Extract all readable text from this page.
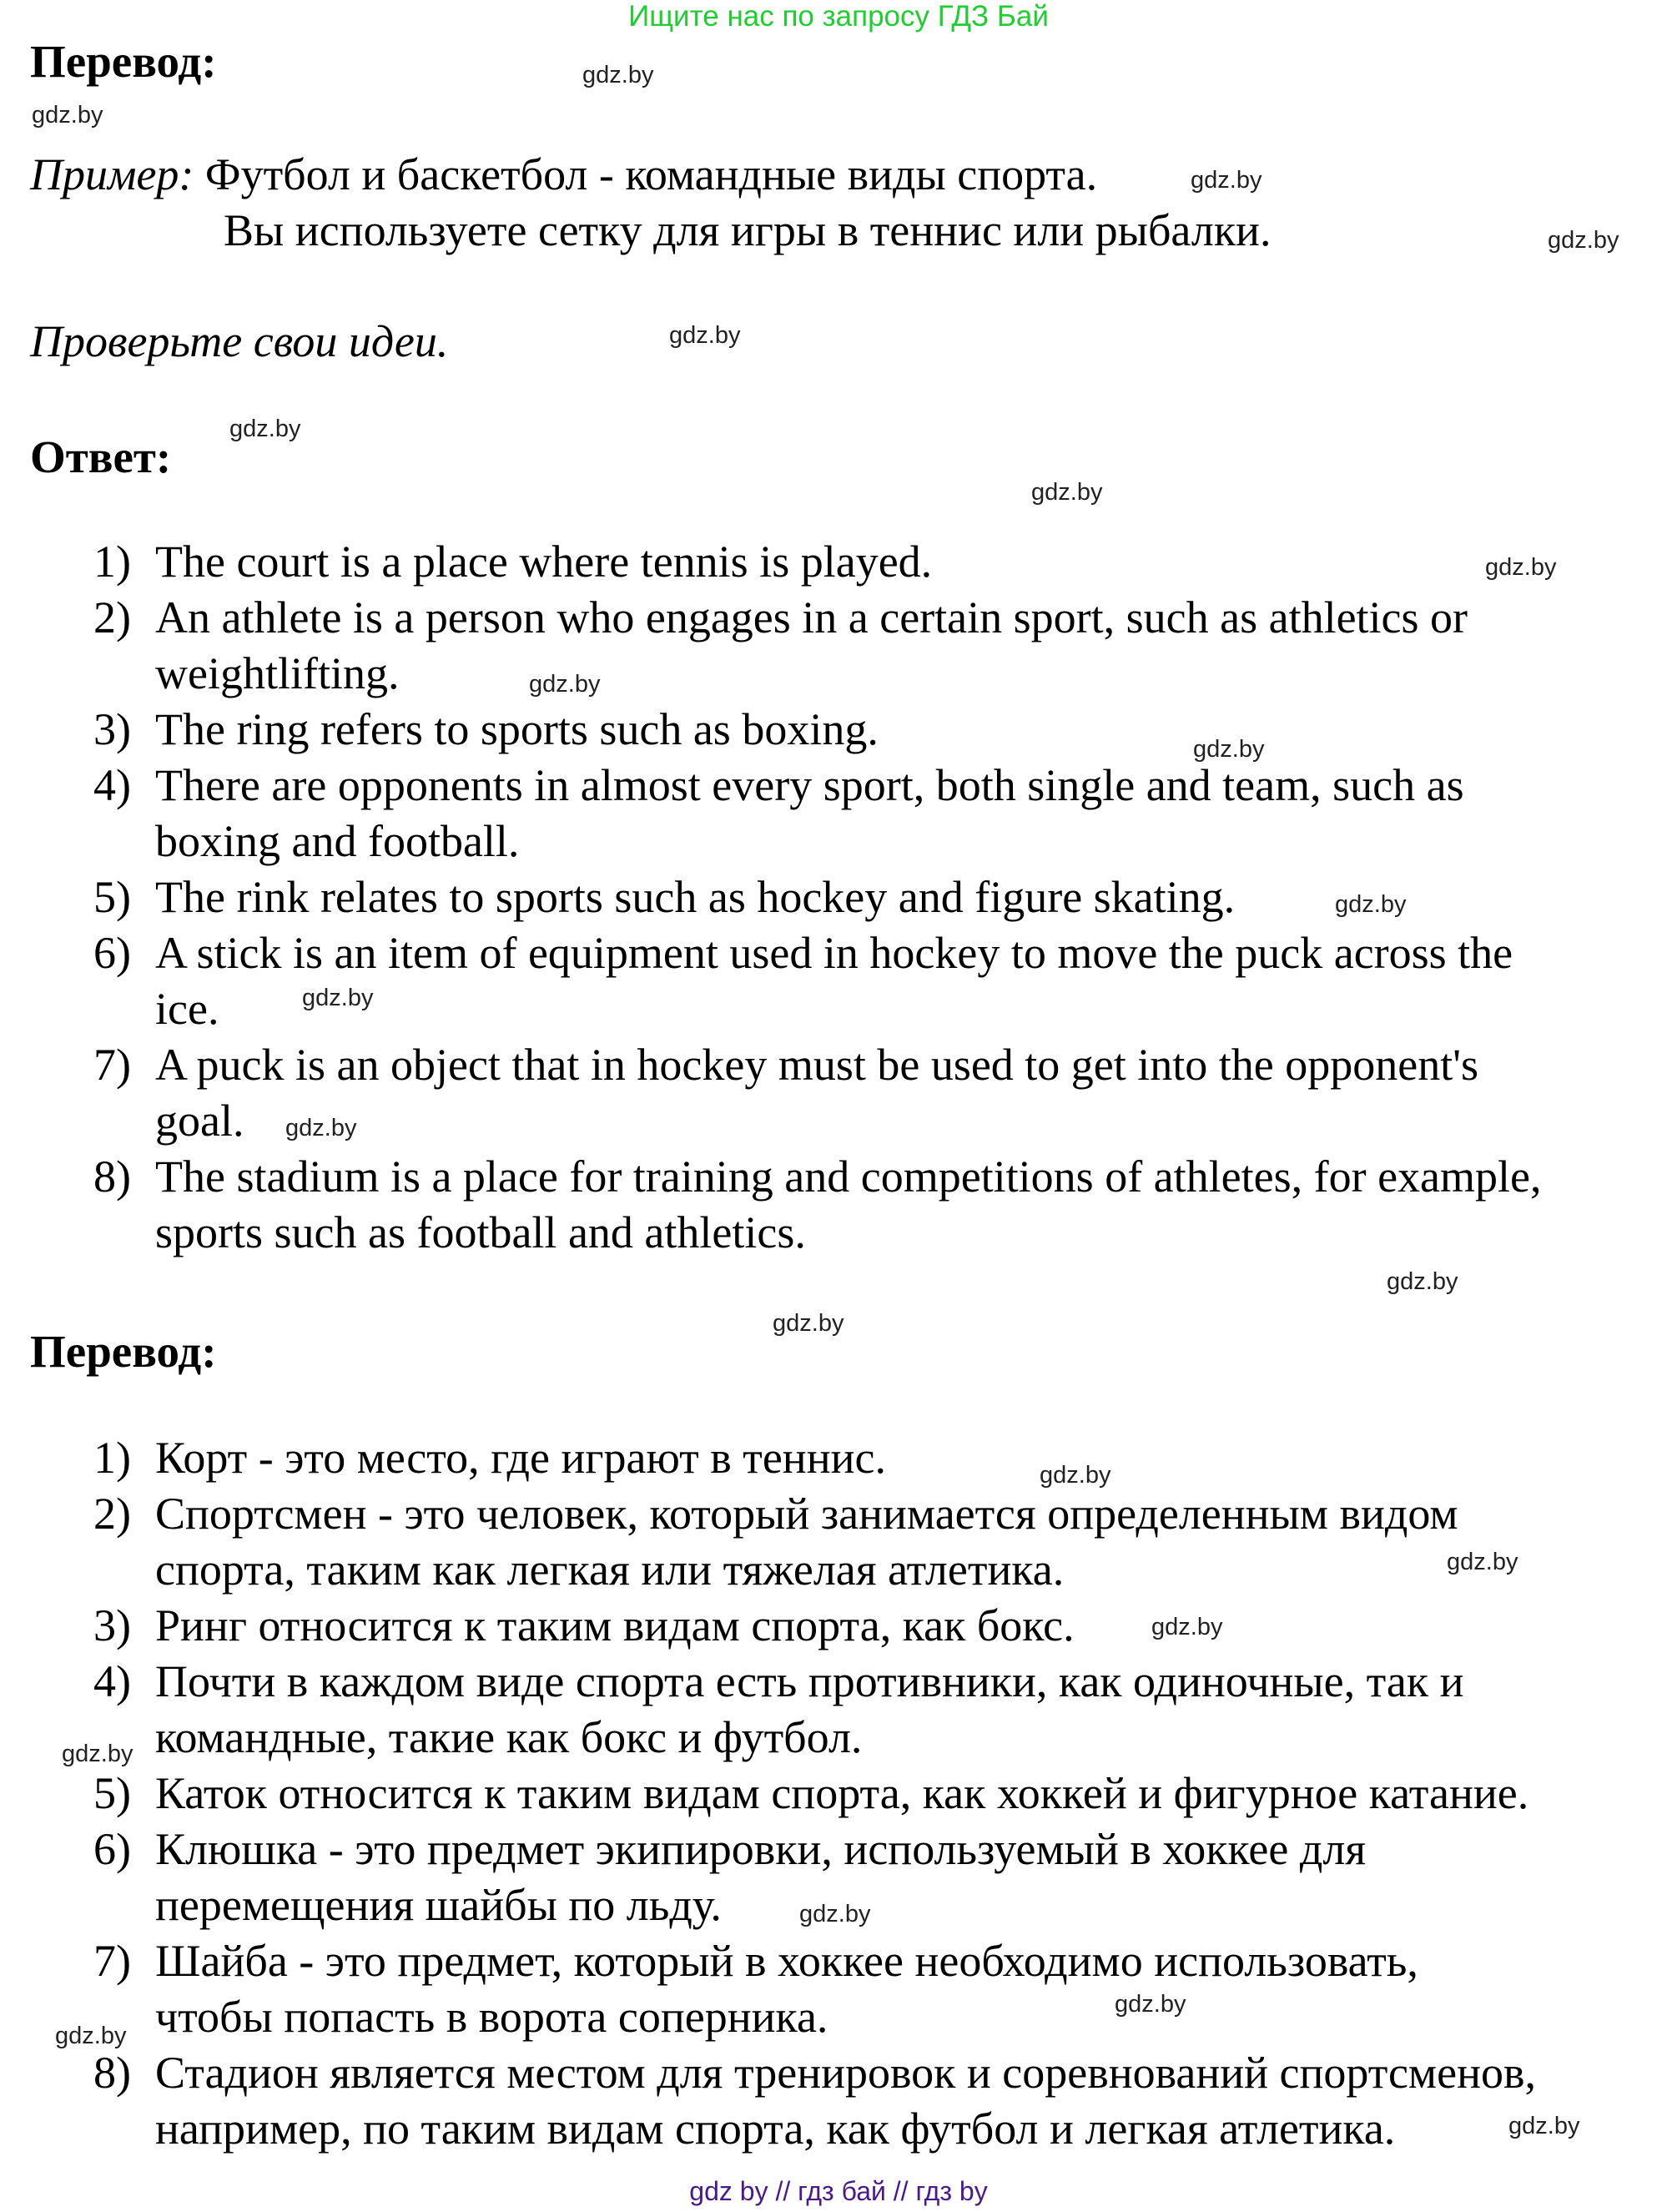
Ищите нас по запросу ГДЗ Бай
Перевод:	gdz.by
gdz.by
Пример: Футбол и баскетбол - командные виды спорта.	gdz.by
Вы используете сетку для игры в теннис или рыбалки.	gdz.by
Проверьте свои идеи.	gdz.by
Ответ:
gdz.by
gdz.by
1) The court is a place where tennis is played.
2) An athlete is a person who engages in a certain sport, such as athletics or
weightlifting.
3) The ring refers to sports such as boxing.
4) There are opponents in almost every sport, both single and team, such as
boxing and football.
5) The rink relates to sports such as hockey and figure skating.
6) A stick is an item of equipment used in hockey to move the puck across the
ice.
7) A puck is an object that in hockey must be used to get into the opponent's
goal.
8) The stadium is a place for training and competitions of athletes, for example,
sports such as football and athletics.
gdz.by
gdz.by
gdz.by
gdz.by
gdz.by
gdz.by
gdz.by
gdz.by
Перевод:
1) Корт - это место, где играют в теннис.
2) Спортсмен - это человек, который занимается определенным видом
спорта, таким как легкая или тяжелая атлетика.
3) Ринг относится к таким видам спорта, как бокс.
4) Почти в каждом виде спорта есть противники, как одиночные, так и
командные, такие как бокс и футбол.
5) Каток относится к таким видам спорта, как хоккей и фигурное катание.
6) Клюшка - это предмет экипировки, используемый в хоккее для
перемещения шайбы по льду.
7) Шайба - это предмет, который в хоккее необходимо использовать,
чтобы попасть в ворота соперника.
8) Стадион является местом для тренировок и соревнований спортсменов,
например, по таким видам спорта, как футбол и легкая атлетика.
gdz.by
gdz.by
gdz.by
gdz.by
gdz.by
gdz.by
gdz.by
gdz.by
gdz by // гдз бай // гдз by
